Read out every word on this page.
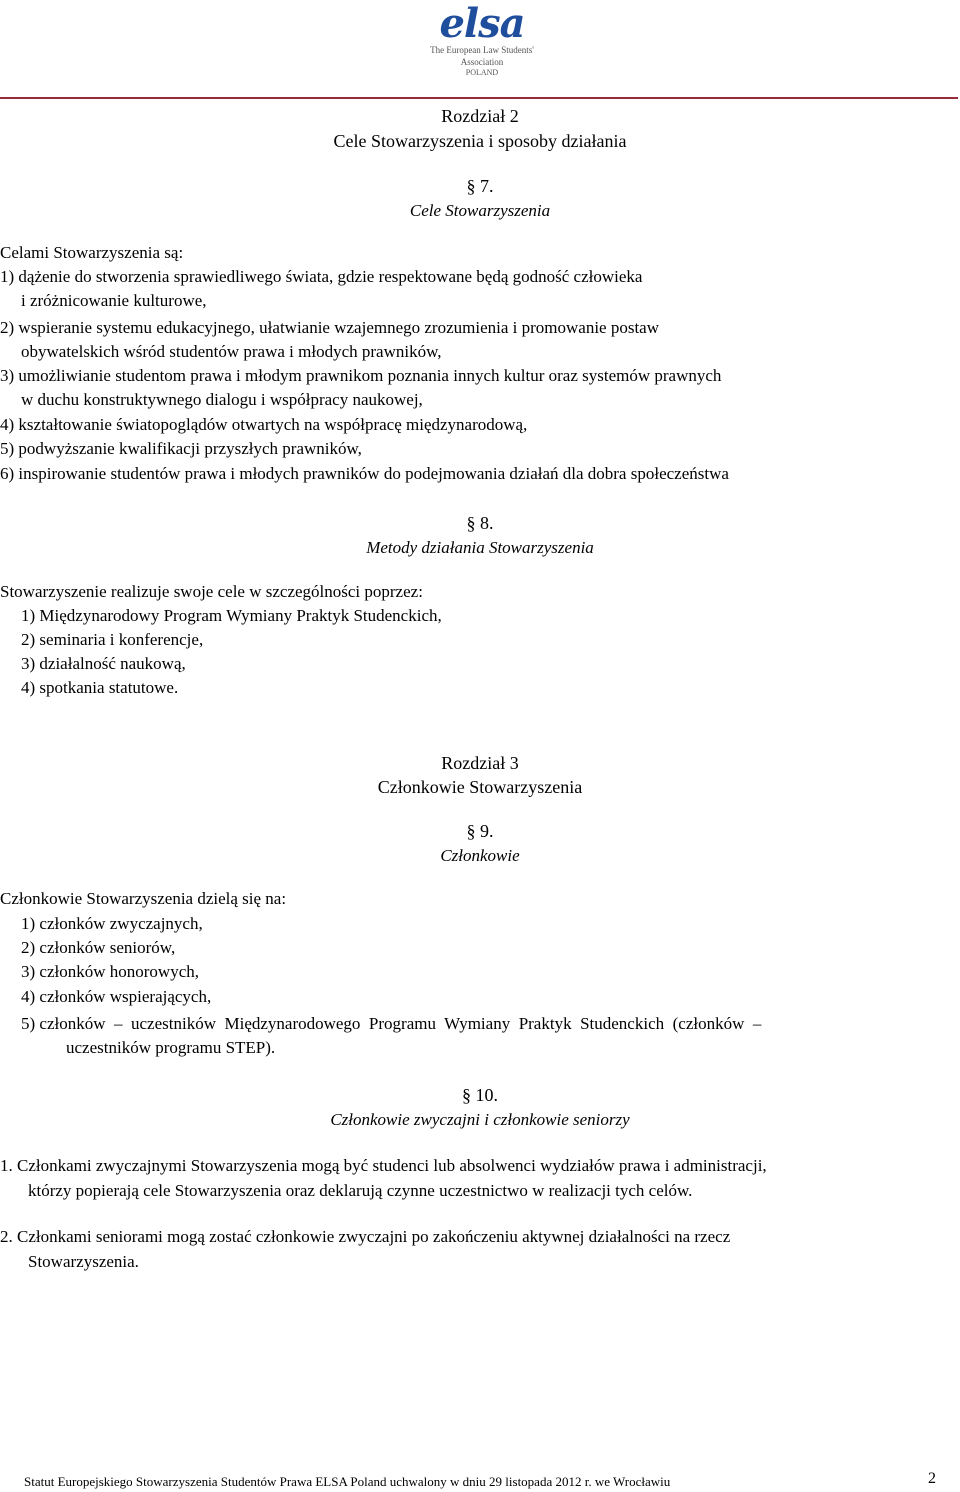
elsa
The European Law Students' Association
POLAND
Rozdział 2
Cele Stowarzyszenia i sposoby działania
§ 7.
Cele Stowarzyszenia
Celami Stowarzyszenia są:
1) dążenie do stworzenia sprawiedliwego świata, gdzie respektowane będą godność człowieka
i zróżnicowanie kulturowe,
2) wspieranie systemu edukacyjnego, ułatwianie wzajemnego zrozumienia i promowanie postaw
obywatelskich wśród studentów prawa i młodych prawników,
3) umożliwianie studentom prawa i młodym prawnikom poznania innych kultur oraz systemów prawnych
w duchu konstruktywnego dialogu i współpracy naukowej,
4) kształtowanie światopoglądów otwartych na współpracę międzynarodową,
5) podwyższanie kwalifikacji przyszłych prawników,
6) inspirowanie studentów prawa i młodych prawników do podejmowania działań dla dobra społeczeństwa
§ 8.
Metody działania Stowarzyszenia
Stowarzyszenie realizuje swoje cele w szczególności poprzez:
1) Międzynarodowy Program Wymiany Praktyk Studenckich,
2) seminaria i konferencje,
3) działalność naukową,
4) spotkania statutowe.
Rozdział 3
Członkowie Stowarzyszenia
§ 9.
Członkowie
Członkowie Stowarzyszenia dzielą się na:
1) członków zwyczajnych,
2) członków seniorów,
3) członków honorowych,
4) członków wspierających,
5) członków  –  uczestników  Międzynarodowego  Programu  Wymiany  Praktyk  Studenckich  (członków  –
uczestników programu STEP).
§ 10.
Członkowie zwyczajni i członkowie seniorzy
1. Członkami zwyczajnymi Stowarzyszenia mogą być studenci lub absolwenci wydziałów prawa i administracji,
którzy popierają cele Stowarzyszenia oraz deklarują czynne uczestnictwo w realizacji tych celów.
2. Członkami seniorami mogą zostać członkowie zwyczajni po zakończeniu aktywnej działalności na rzecz
Stowarzyszenia.
Statut Europejskiego Stowarzyszenia Studentów Prawa ELSA Poland uchwalony w dniu 29 listopada 2012 r. we Wrocławiu	2
